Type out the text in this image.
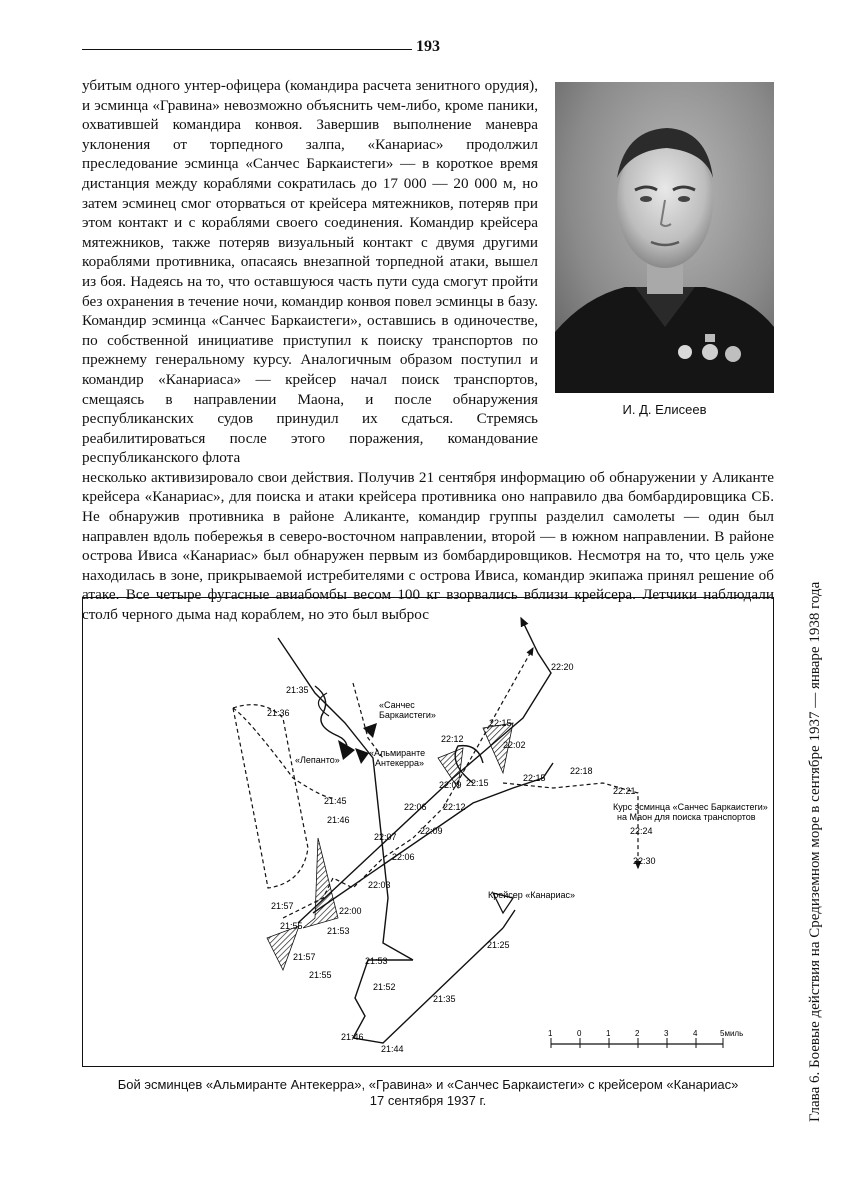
193
убитым одного унтер-офицера (командира расчета зенитного орудия), и эсминца «Гравина» невозможно объяснить чем-либо, кроме паники, охватившей командира конвоя. Завершив выполнение маневра уклонения от торпедного залпа, «Канариас» продолжил преследование эсминца «Санчес Баркаистеги» — в короткое время дистанция между кораблями сократилась до 17 000 — 20 000 м, но затем эсминец смог оторваться от крейсера мятежников, потеряв при этом контакт и с кораблями своего соединения. Командир крейсера мятежников, также потеряв визуальный контакт с двумя другими кораблями противника, опасаясь внезапной торпедной атаки, вышел из боя. Надеясь на то, что оставшуюся часть пути суда смогут пройти без охранения в течение ночи, командир конвоя повел эсминцы в базу. Командир эсминца «Санчес Баркаистеги», оставшись в одиночестве, по собственной инициативе приступил к поиску транспортов по прежнему генеральному курсу. Аналогичным образом поступил и командир «Канариаса» — крейсер начал поиск транспортов, смещаясь в направлении Маона, и после обнаружения республиканских судов принудил их сдаться. Стремясь реабилитироваться после этого поражения, командование республиканского флота
несколько активизировало свои действия. Получив 21 сентября информацию об обнаружении у Аликанте крейсера «Канариас», для поиска и атаки крейсера противника оно направило два бомбардировщика СБ. Не обнаружив противника в районе Аликанте, командир группы разделил самолеты — один был направлен вдоль побережья в северо-восточном направлении, второй — в южном направлении. В районе острова Ивиса «Канариас» был обнаружен первым из бомбардировщиков. Несмотря на то, что цель уже находилась в зоне, прикрываемой истребителями с острова Ивиса, командир экипажа принял решение об атаке. Все четыре фугасные авиабомбы весом 100 кг взорвались вблизи крейсера. Летчики наблюдали столб черного дыма над кораблем, но это был выброс
И. Д. Елисеев
«Санчес
Баркаистеги»
«Лепанто»
«Альмиранте
Антекерра»
Крейсер «Канариас»
Курс эсминца «Санчес Баркаистеги»
на Маон для поиска транспортов
22:20
22:15
22:12
22:02
22:09 22:15	22:15
22:18
22:21
22:06 22:12
22:07
22:09	22:24
22:06	22:30
22:03
22:00
21:35
21:36
21:45
21:46
21:57
21:55	21:53
21:57
21:55
21:53
21:52
21:35
21:46
21:44
21:25
1	0	1	2	3	4	5миль
Бой эсминцев «Альмиранте Антекерра», «Гравина» и «Санчес Баркаистеги» с крейсером «Канариас»
17 сентября 1937 г.	Глава 6. Боевые действия на Средиземном море в сентябре 1937 — январе 1938 года
